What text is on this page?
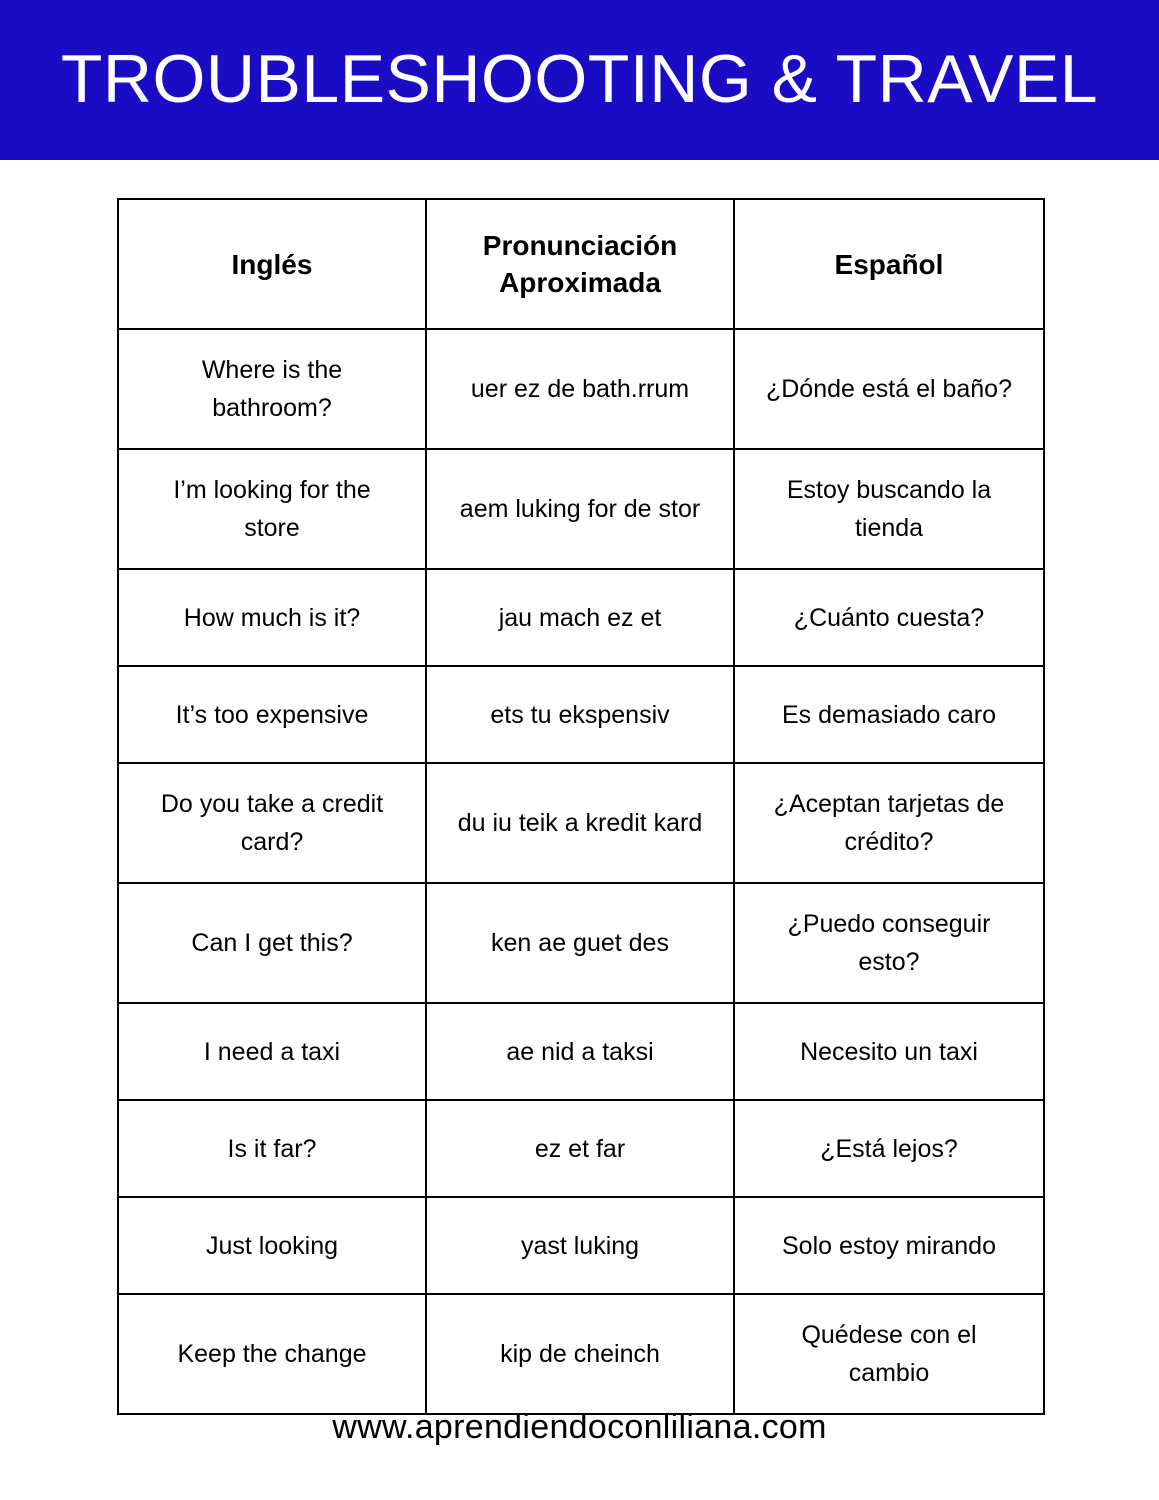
TROUBLESHOOTING & TRAVEL
Inglés	Pronunciación Aproximada	Español
Where is the bathroom?	uer ez de bath.rrum	¿Dónde está el baño?
I’m looking for the store	aem luking for de stor	Estoy buscando la tienda
How much is it?	jau mach ez et	¿Cuánto cuesta?
It’s too expensive	ets tu ekspensiv	Es demasiado caro
Do you take a credit card?	du iu teik a kredit kard	¿Aceptan tarjetas de crédito?
Can I get this?	ken ae guet des	¿Puedo conseguir esto?
I need a taxi	ae nid a taksi	Necesito un taxi
Is it far?	ez et far	¿Está lejos?
Just looking	yast luking	Solo estoy mirando
Keep the change	kip de cheinch	Quédese con el cambio
www.aprendiendoconliliana.com
